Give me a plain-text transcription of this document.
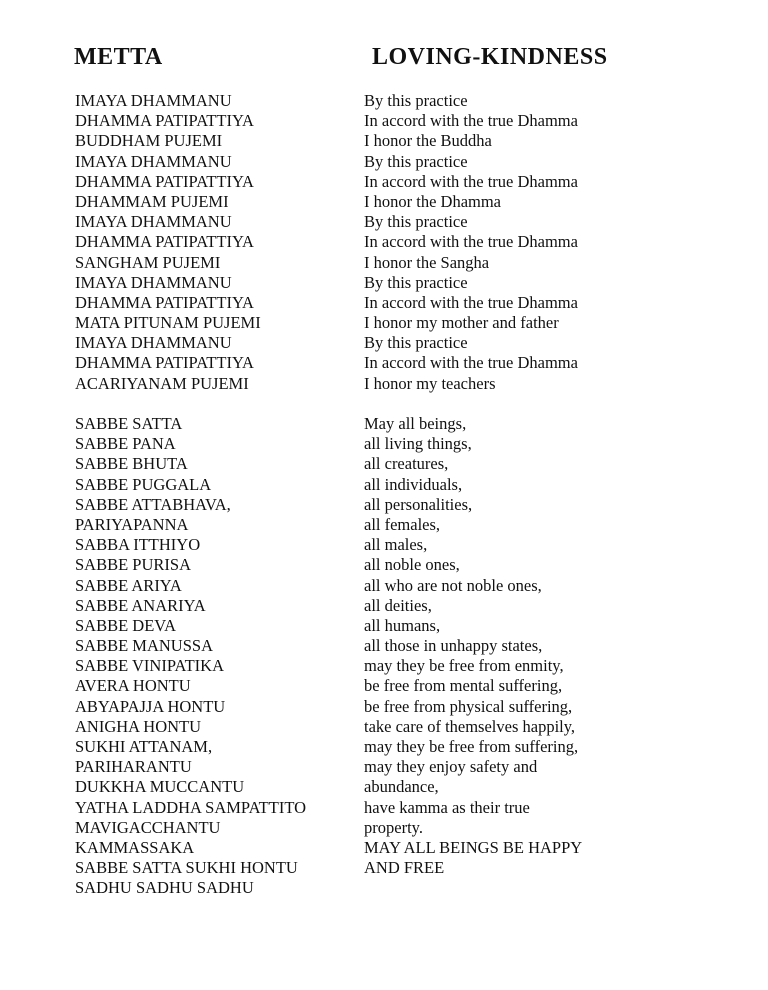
METTA	LOVING-KINDNESS
IMAYA DHAMMANU
DHAMMA PATIPATTIYA
BUDDHAM PUJEMI
IMAYA DHAMMANU
DHAMMA PATIPATTIYA
DHAMMAM PUJEMI
IMAYA DHAMMANU
DHAMMA PATIPATTIYA
SANGHAM PUJEMI
IMAYA DHAMMANU
DHAMMA PATIPATTIYA
MATA PITUNAM PUJEMI
IMAYA DHAMMANU
DHAMMA PATIPATTIYA
ACARIYANAM PUJEMI
SABBE SATTA
SABBE PANA
SABBE BHUTA
SABBE PUGGALA
SABBE ATTABHAVA,
PARIYAPANNA
SABBA ITTHIYO
SABBE PURISA
SABBE ARIYA
SABBE ANARIYA
SABBE DEVA
SABBE MANUSSA
SABBE VINIPATIKA
AVERA HONTU
ABYAPAJJA HONTU
ANIGHA HONTU
SUKHI ATTANAM,
PARIHARANTU
DUKKHA MUCCANTU
YATHA LADDHA SAMPATTITO
MAVIGACCHANTU
KAMMASSAKA
SABBE SATTA SUKHI HONTU
SADHU SADHU SADHU
By this practice
In accord with the true Dhamma
I honor the Buddha
By this practice
In accord with the true Dhamma
I honor the Dhamma
By this practice
In accord with the true Dhamma
I honor the Sangha
By this practice
In accord with the true Dhamma
I honor my mother and father
By this practice
In accord with the true Dhamma
I honor my teachers
May all beings,
all living things,
all creatures,
all individuals,
all personalities,
all females,
all males,
all noble ones,
all who are not noble ones,
all deities,
all humans,
all those in unhappy states,
may they be free from enmity,
be free from mental suffering,
be free from physical suffering,
take care of themselves happily,
may they be free from suffering,
may they enjoy safety and
abundance,
have kamma as their true
property.
MAY ALL BEINGS BE HAPPY
AND FREE
